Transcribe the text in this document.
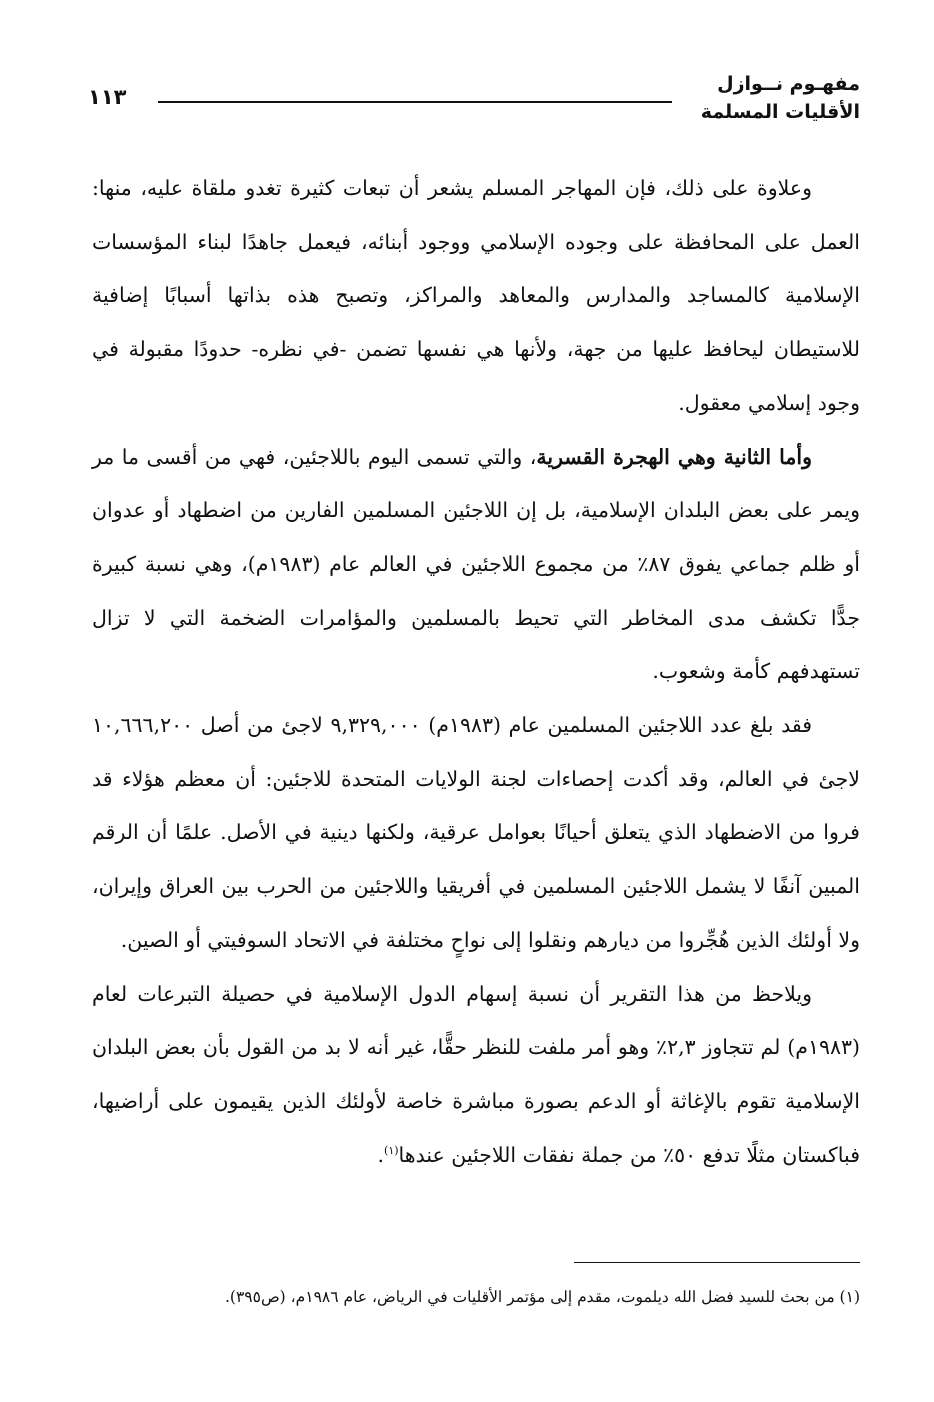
مفهـوم نــوازل
الأقليات المسلمة
١١٣

وعلاوة على ذلك، فإن المهاجر المسلم يشعر أن تبعات كثيرة تغدو ملقاة عليه، منها: العمل على المحافظة على وجوده الإسلامي ووجود أبنائه، فيعمل جاهدًا لبناء المؤسسات الإسلامية كالمساجد والمدارس والمعاهد والمراكز، وتصبح هذه بذاتها أسبابًا إضافية للاستيطان ليحافظ عليها من جهة، ولأنها هي نفسها تضمن -في نظره- حدودًا مقبولة في وجود إسلامي معقول.

وأما الثانية وهي الهجرة القسرية، والتي تسمى اليوم باللاجئين، فهي من أقسى ما مر ويمر على بعض البلدان الإسلامية، بل إن اللاجئين المسلمين الفارين من اضطهاد أو عدوان أو ظلم جماعي يفوق ٨٧٪ من مجموع اللاجئين في العالم عام (١٩٨٣م)، وهي نسبة كبيرة جدًّا تكشف مدى المخاطر التي تحيط بالمسلمين والمؤامرات الضخمة التي لا تزال تستهدفهم كأمة وشعوب.

فقد بلغ عدد اللاجئين المسلمين عام (١٩٨٣م) ٩,٣٢٩,٠٠٠ لاجئ من أصل ١٠,٦٦٦,٢٠٠ لاجئ في العالم، وقد أكدت إحصاءات لجنة الولايات المتحدة للاجئين: أن معظم هؤلاء قد فروا من الاضطهاد الذي يتعلق أحيانًا بعوامل عرقية، ولكنها دينية في الأصل. علمًا أن الرقم المبين آنفًا لا يشمل اللاجئين المسلمين في أفريقيا واللاجئين من الحرب بين العراق وإيران، ولا أولئك الذين هُجِّروا من ديارهم ونقلوا إلى نواحٍ مختلفة في الاتحاد السوفيتي أو الصين.

ويلاحظ من هذا التقرير أن نسبة إسهام الدول الإسلامية في حصيلة التبرعات لعام (١٩٨٣م) لم تتجاوز ٢,٣٪ وهو أمر ملفت للنظر حقًّا، غير أنه لا بد من القول بأن بعض البلدان الإسلامية تقوم بالإغاثة أو الدعم بصورة مباشرة خاصة لأولئك الذين يقيمون على أراضيها، فباكستان مثلًا تدفع ٥٠٪ من جملة نفقات اللاجئين عندها$^{(١)}$.

(١) من بحث للسيد فضل الله ديلموت، مقدم إلى مؤتمر الأقليات في الرياض، عام ١٩٨٦م، (ص٣٩٥).
